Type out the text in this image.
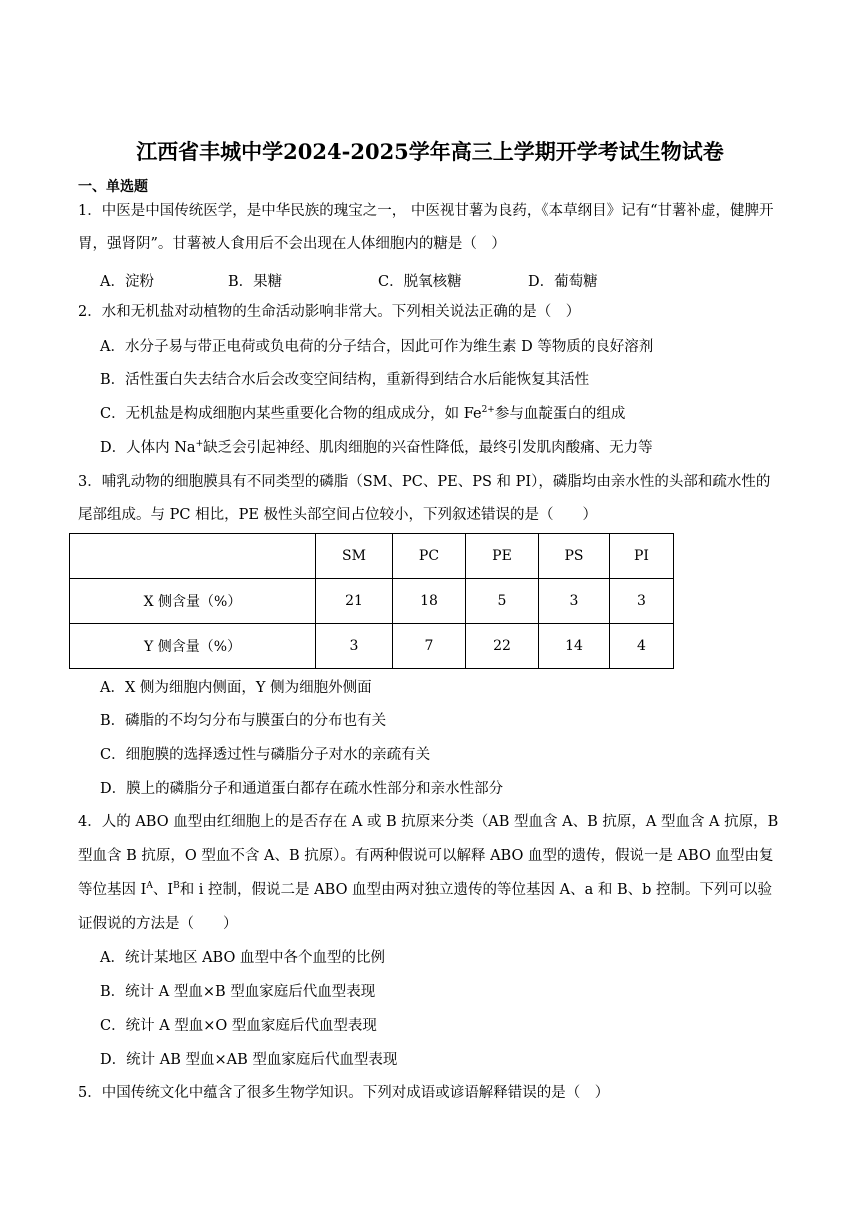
江西省丰城中学2024-2025学年高三上学期开学考试生物试卷
一、单选题
1．中医是中国传统医学，是中华民族的瑰宝之一， 中医视甘薯为良药，《本草纲目》记有“甘薯补虚，健脾开胃，强肾阴”。甘薯被人食用后不会出现在人体细胞内的糖是（　）
A．淀粉	B．果糖	C．脱氧核糖	D．葡萄糖
2．水和无机盐对动植物的生命活动影响非常大。下列相关说法正确的是（　）
A．水分子易与带正电荷或负电荷的分子结合，因此可作为维生素 D 等物质的良好溶剂
B．活性蛋白失去结合水后会改变空间结构，重新得到结合水后能恢复其活性
C．无机盐是构成细胞内某些重要化合物的组成成分，如 $Fe^{2+}$参与血靛蛋白的组成
D．人体内 Na+缺乏会引起神经、肌肉细胞的兴奋性降低，最终引发肌肉酸痛、无力等
3．哺乳动物的细胞膜具有不同类型的磷脂（SM、PC、PE、PS 和 PI），磷脂均由亲水性的头部和疏水性的尾部组成。与 PC 相比，PE 极性头部空间占位较小，下列叙述错误的是（　　）
	SM	PC	PE	PS	PI
X 侧含量（%）	21	18	5	3	3
Y 侧含量（%）	3	7	22	14	4
A．X 侧为细胞内侧面，Y 侧为细胞外侧面
B．磷脂的不均匀分布与膜蛋白的分布也有关
C．细胞膜的选择透过性与磷脂分子对水的亲疏有关
D．膜上的磷脂分子和通道蛋白都存在疏水性部分和亲水性部分
4．人的 ABO 血型由红细胞上的是否存在 A 或 B 抗原来分类（AB 型血含 A、B 抗原，A 型血含 A 抗原，B
型血含 B 抗原，O 型血不含 A、B 抗原）。有两种假说可以解释 ABO 血型的遗传，假说一是 ABO 血型由复
等位基因 $I^A$、$I^B$和 i 控制，假说二是 ABO 血型由两对独立遗传的等位基因 A、a 和 B、b 控制。下列可以验
证假说的方法是（　　）
A．统计某地区 ABO 血型中各个血型的比例
B．统计 A 型血×B 型血家庭后代血型表现
C．统计 A 型血×O 型血家庭后代血型表现
D．统计 AB 型血×AB 型血家庭后代血型表现
5．中国传统文化中蕴含了很多生物学知识。下列对成语或谚语解释错误的是（　）
